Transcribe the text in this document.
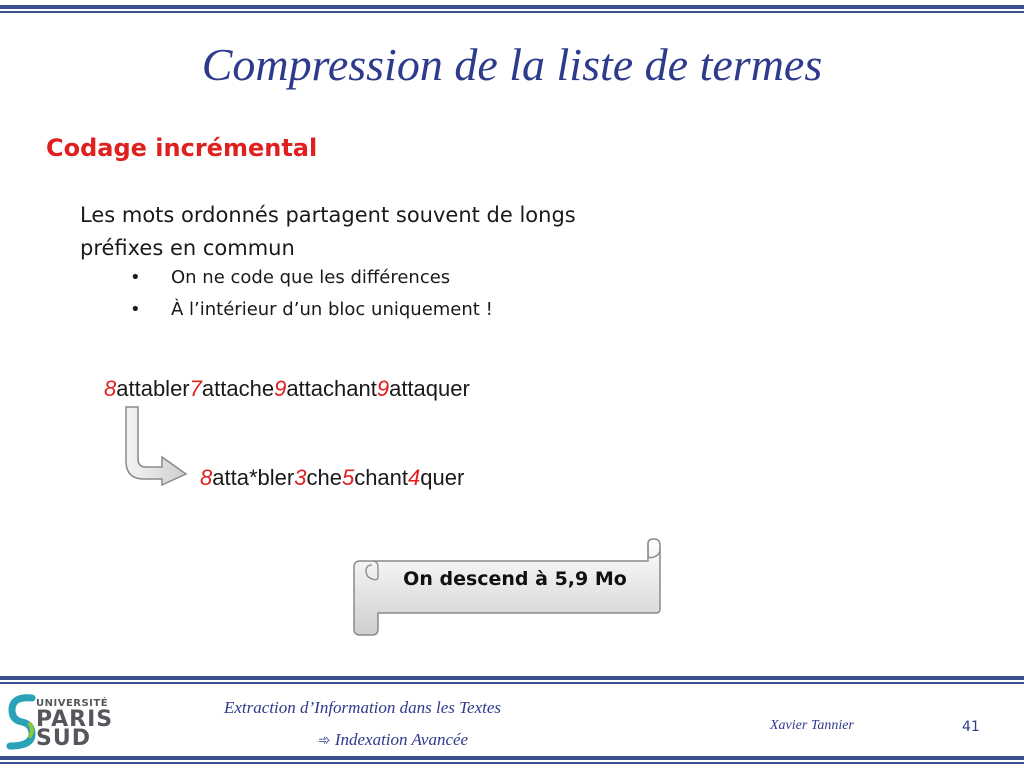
Compression de la liste de termes
Codage incrémental
Les mots ordonnés partagent souvent de longs préfixes en commun
• On ne code que les différences
• À l’intérieur d’un bloc uniquement !
8attabler7attache9attachant9attaquer
8atta*bler3che5chant4quer
On descend à 5,9 Mo
UNIVERSITÉ
PARIS
SUD
Extraction d’Information dans les Textes
➾ Indexation Avancée
Xavier Tannier	41
